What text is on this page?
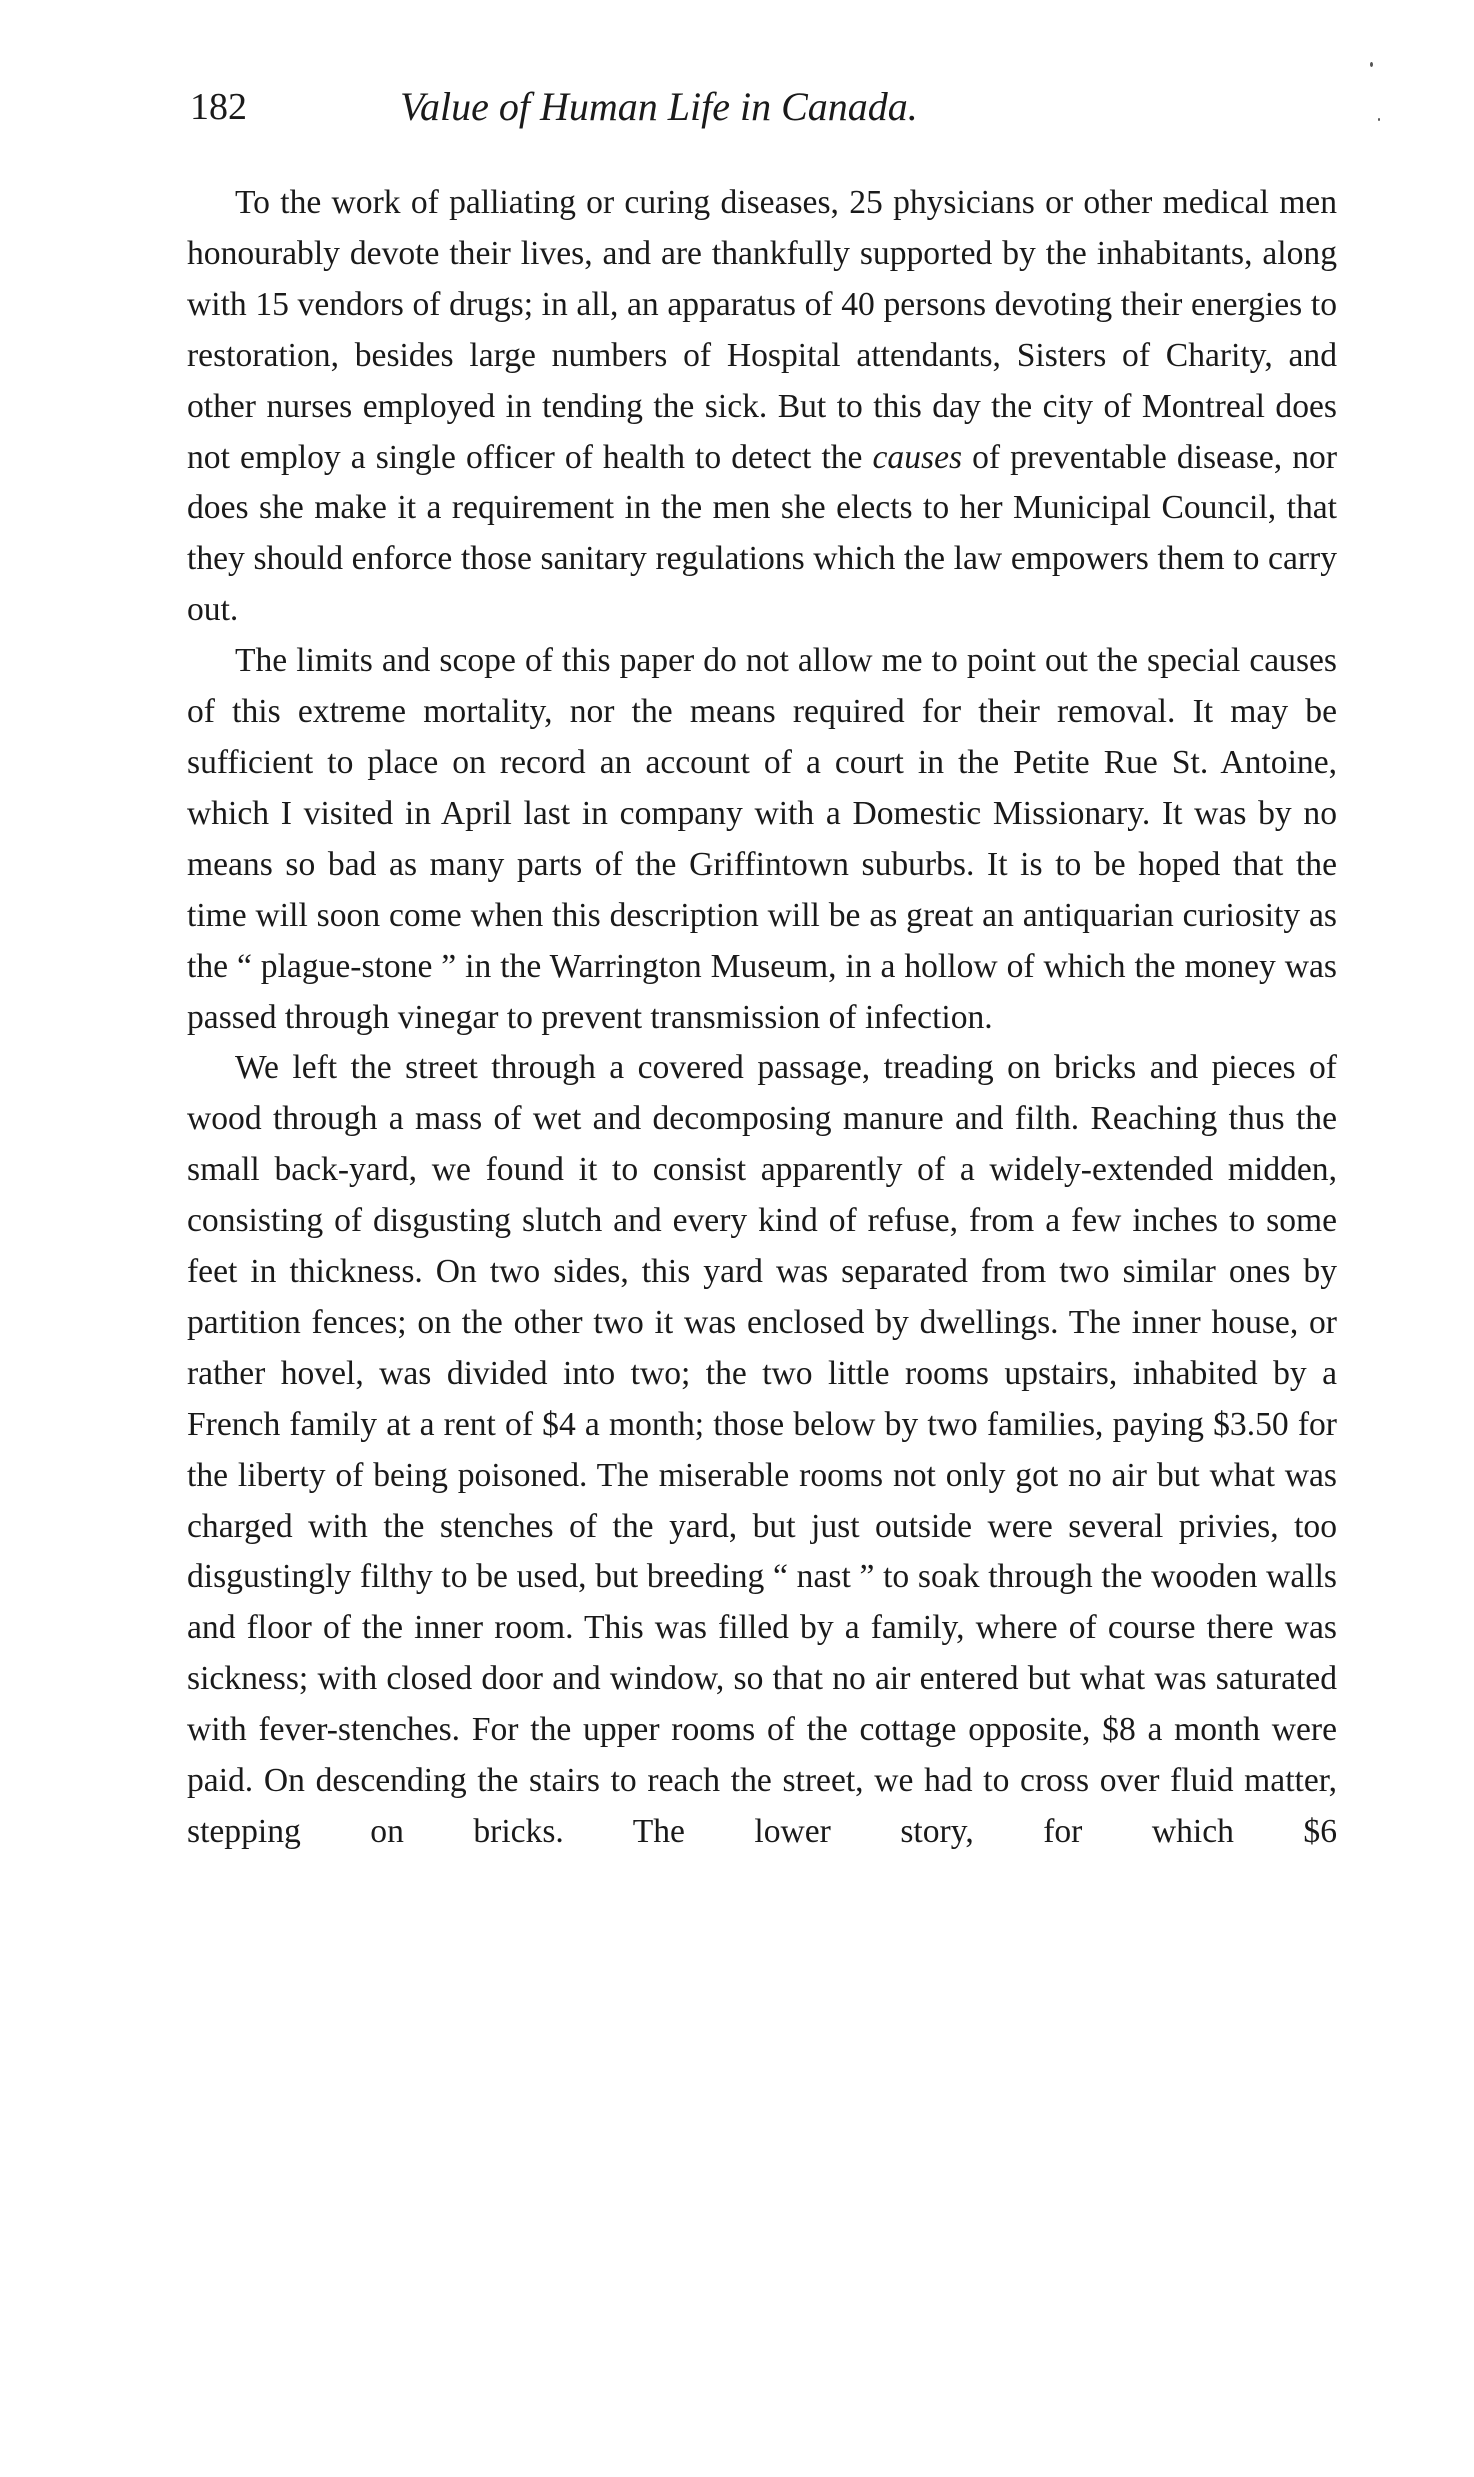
182	Value of Human Life in Canada.

To the work of palliating or curing diseases, 25 physicians or other medical men honourably devote their lives, and are thankfully supported by the inhabitants, along with 15 vendors of drugs; in all, an apparatus of 40 persons devoting their energies to restoration, besides large numbers of Hospital attendants, Sisters of Charity, and other nurses employed in tending the sick. But to this day the city of Montreal does not employ a single officer of health to detect the causes of preventable disease, nor does she make it a requirement in the men she elects to her Municipal Council, that they should enforce those sanitary regulations which the law empowers them to carry out.

The limits and scope of this paper do not allow me to point out the special causes of this extreme mortality, nor the means required for their removal. It may be sufficient to place on record an account of a court in the Petite Rue St. Antoine, which I visited in April last in company with a Domestic Missionary. It was by no means so bad as many parts of the Griffintown suburbs. It is to be hoped that the time will soon come when this description will be as great an antiquarian curiosity as the “ plague-stone ” in the Warrington Museum, in a hollow of which the money was passed through vinegar to prevent transmission of infection.

We left the street through a covered passage, treading on bricks and pieces of wood through a mass of wet and decomposing manure and filth. Reaching thus the small back-yard, we found it to consist apparently of a widely-extended midden, consisting of disgusting slutch and every kind of refuse, from a few inches to some feet in thickness. On two sides, this yard was separated from two similar ones by partition fences; on the other two it was enclosed by dwellings. The inner house, or rather hovel, was divided into two; the two little rooms upstairs, inhabited by a French family at a rent of $4 a month; those below by two families, paying $3.50 for the liberty of being poisoned. The miserable rooms not only got no air but what was charged with the stenches of the yard, but just outside were several privies, too disgustingly filthy to be used, but breeding “ nast ” to soak through the wooden walls and floor of the inner room. This was filled by a family, where of course there was sickness; with closed door and window, so that no air entered but what was saturated with fever-stenches. For the upper rooms of the cottage opposite, $8 a month were paid. On descending the stairs to reach the street, we had to cross over fluid matter, stepping on bricks. The lower story, for which $6
